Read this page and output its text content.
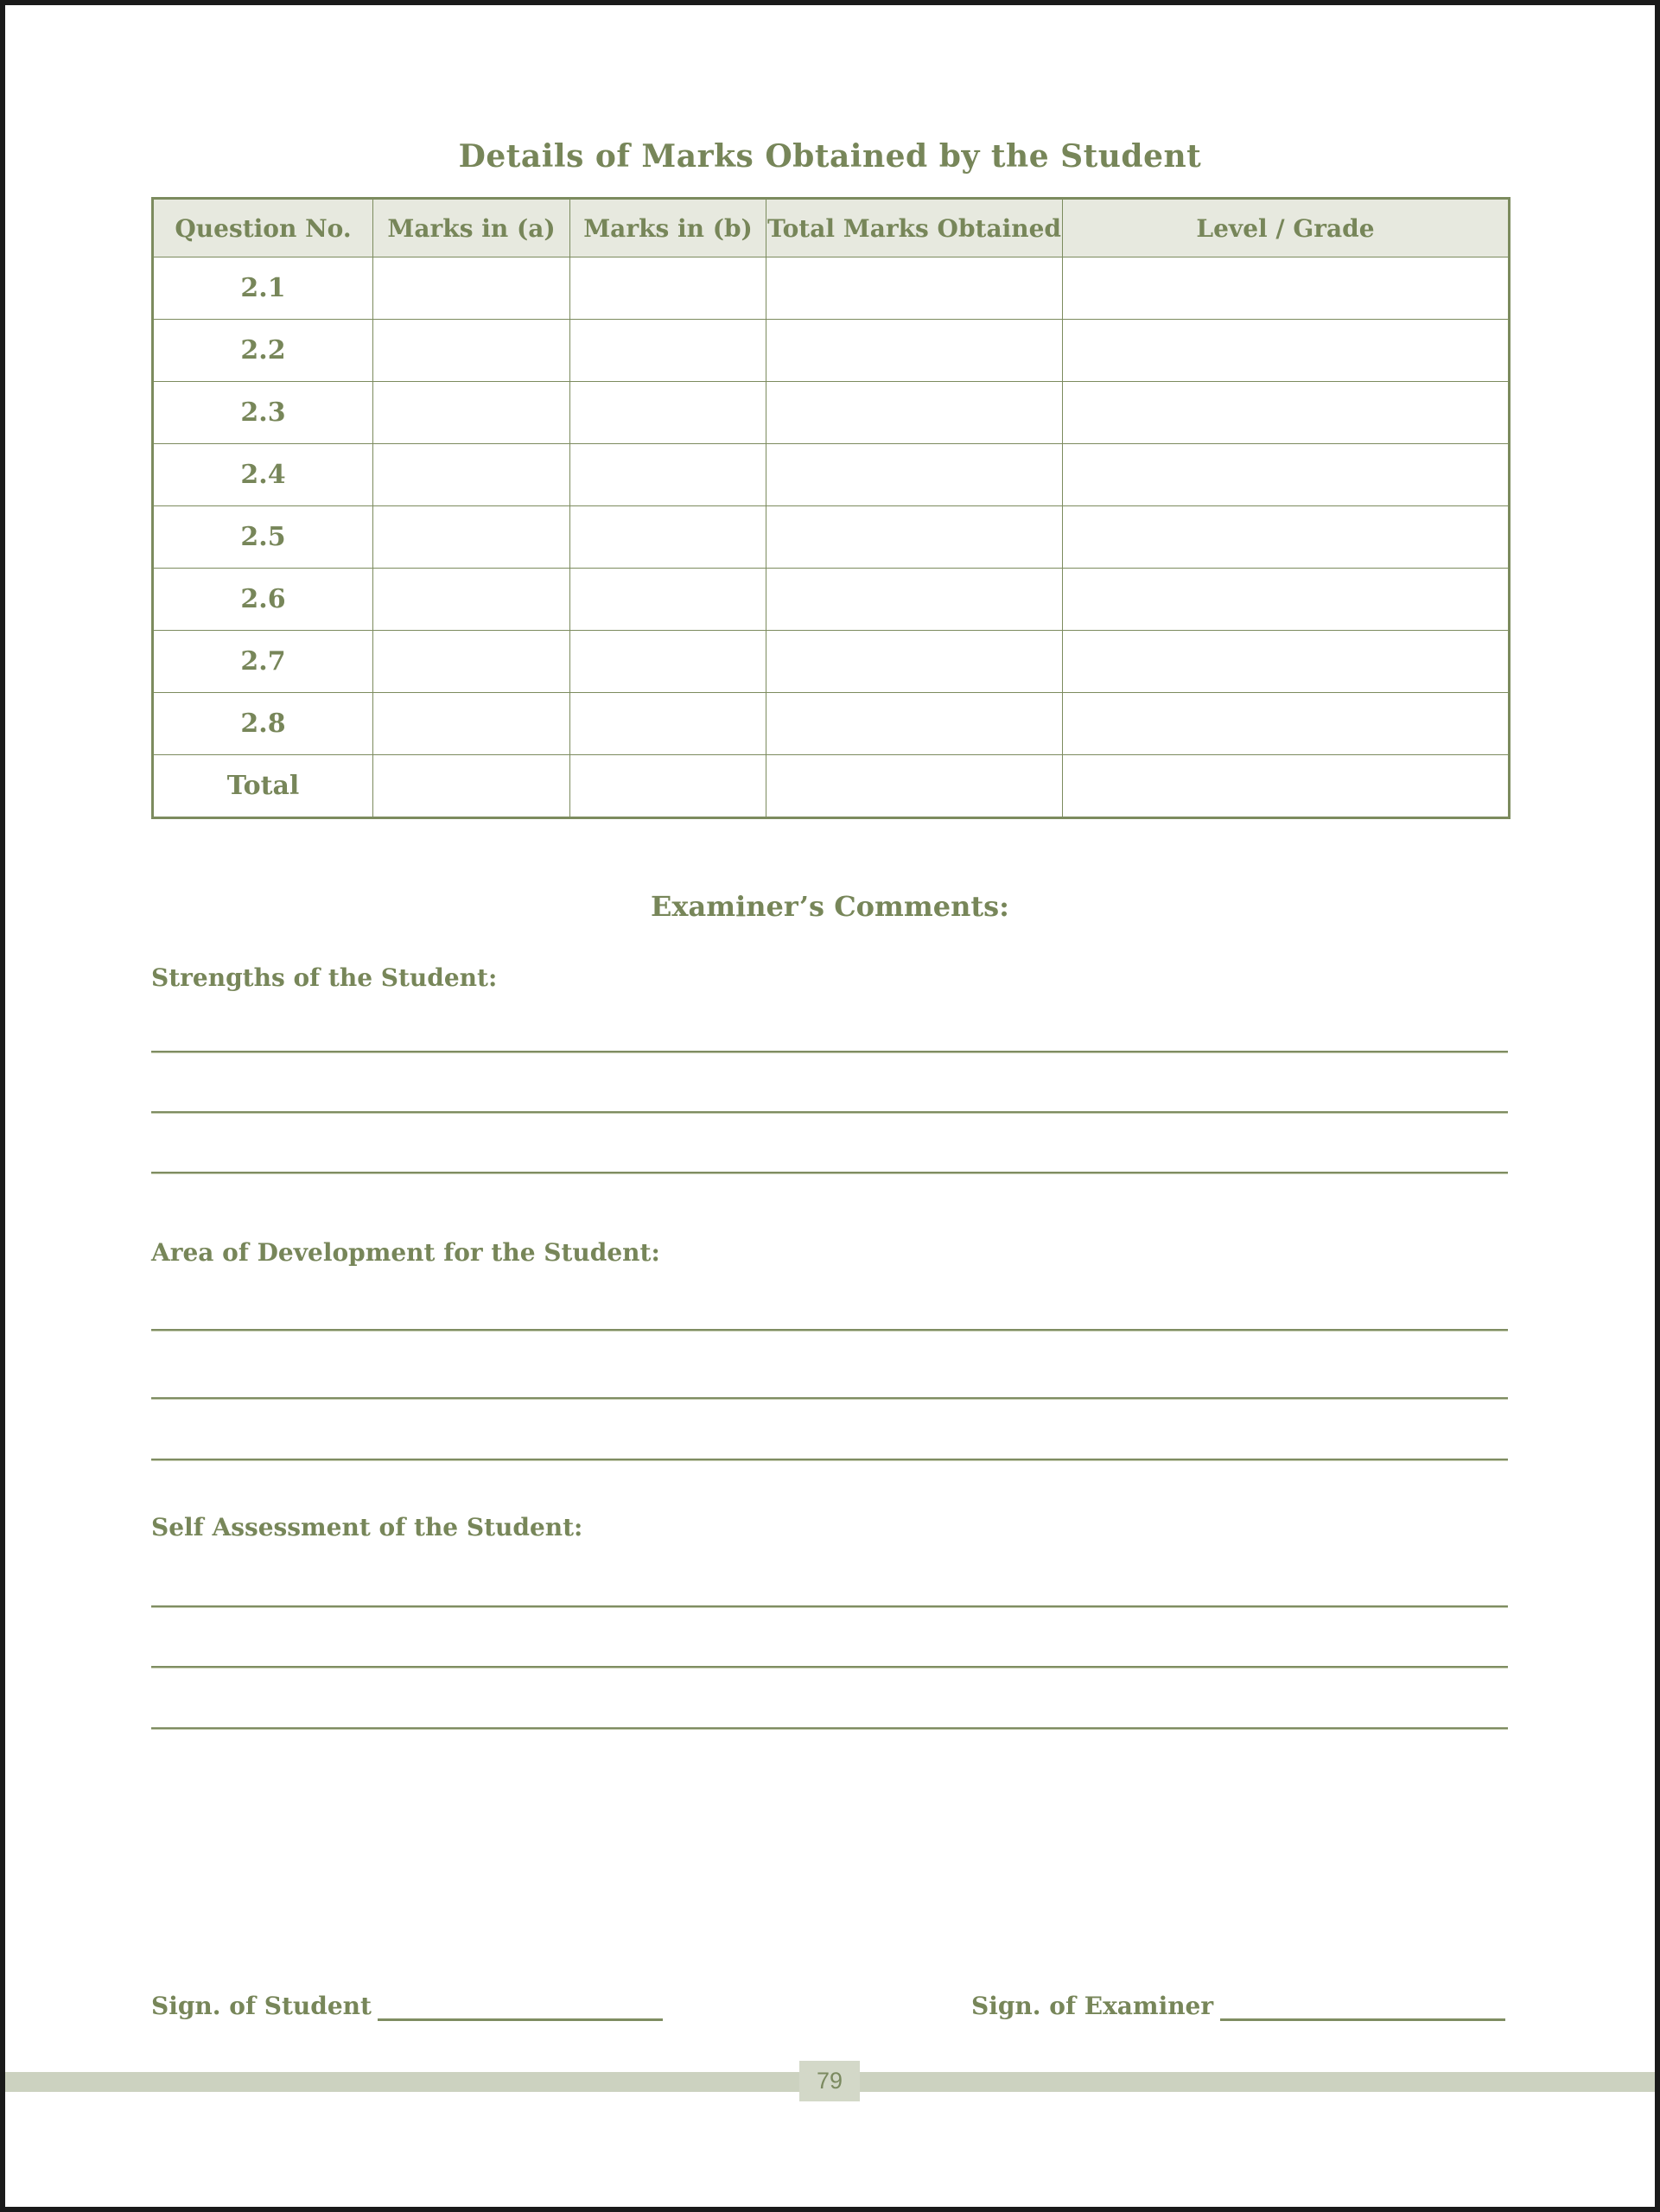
Details of Marks Obtained by the Student
Question No.	Marks in (a)	Marks in (b)	Total Marks Obtained	Level / Grade
2.1				
2.2				
2.3				
2.4				
2.5				
2.6				
2.7				
2.8				
Total				
Examiner’s Comments:
Strengths of the Student:
Area of Development for the Student:
Self Assessment of the Student:
Sign. of Student	Sign. of Examiner
79
